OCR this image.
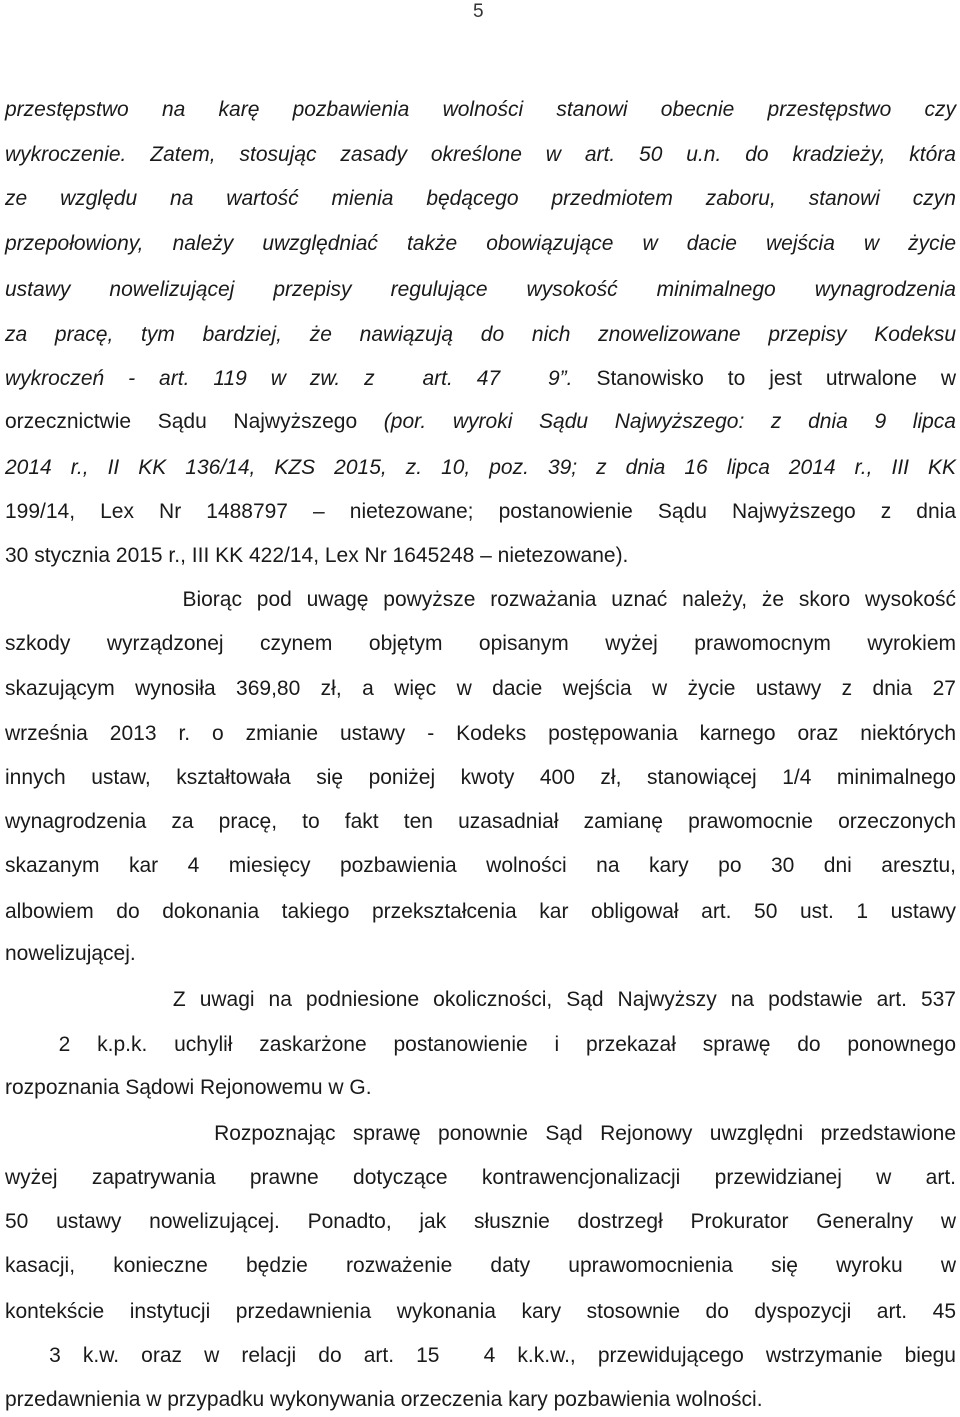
5
przestępstwo na karę pozbawienia wolności stanowi obecnie przestępstwo czy
wykroczenie. Zatem, stosując zasady określone w art. 50 u.n. do kradzieży, która
ze względu na wartość mienia będącego przedmiotem zaboru, stanowi czyn
przepołowiony, należy uwzględniać także obowiązujące w dacie wejścia w życie
ustawy nowelizującej przepisy regulujące wysokość minimalnego wynagrodzenia
za pracę, tym bardziej, że nawiązują do nich znowelizowane przepisy Kodeksu
wykroczeń - art. 119 w zw. z  art. 47  9”. Stanowisko to jest utrwalone w
orzecznictwie Sądu Najwyższego (por. wyroki Sądu Najwyższego: z dnia 9 lipca
2014 r., II KK 136/14, KZS 2015, z. 10, poz. 39; z dnia 16 lipca 2014 r., III KK
199/14, Lex Nr 1488797 – nietezowane; postanowienie Sądu Najwyższego z dnia
30 stycznia 2015 r., III KK 422/14, Lex Nr 1645248 – nietezowane).
Biorąc pod uwagę powyższe rozważania uznać należy, że skoro wysokość
szkody wyrządzonej czynem objętym opisanym wyżej prawomocnym wyrokiem
skazującym wynosiła 369,80 zł, a więc w dacie wejścia w życie ustawy z dnia 27
września 2013 r. o zmianie ustawy - Kodeks postępowania karnego oraz niektórych
innych ustaw, kształtowała się poniżej kwoty 400 zł, stanowiącej 1/4 minimalnego
wynagrodzenia za pracę, to fakt ten uzasadniał zamianę prawomocnie orzeczonych
skazanym kar 4 miesięcy pozbawienia wolności na kary po 30 dni aresztu,
albowiem do dokonania takiego przekształcenia kar obligował art. 50 ust. 1 ustawy
nowelizującej.
Z uwagi na podniesione okoliczności, Sąd Najwyższy na podstawie art. 537
2 k.p.k. uchylił zaskarżone postanowienie i przekazał sprawę do ponownego
rozpoznania Sądowi Rejonowemu w G.
Rozpoznając sprawę ponownie Sąd Rejonowy uwzględni przedstawione
wyżej zapatrywania prawne dotyczące kontrawencjonalizacji przewidzianej w art.
50 ustawy nowelizującej. Ponadto, jak słusznie dostrzegł Prokurator Generalny w
kasacji, konieczne będzie rozważenie daty uprawomocnienia się wyroku w
kontekście instytucji przedawnienia wykonania kary stosownie do dyspozycji art. 45
3 k.w. oraz w relacji do art. 15  4 k.k.w., przewidującego wstrzymanie biegu
przedawnienia w przypadku wykonywania orzeczenia kary pozbawienia wolności.
